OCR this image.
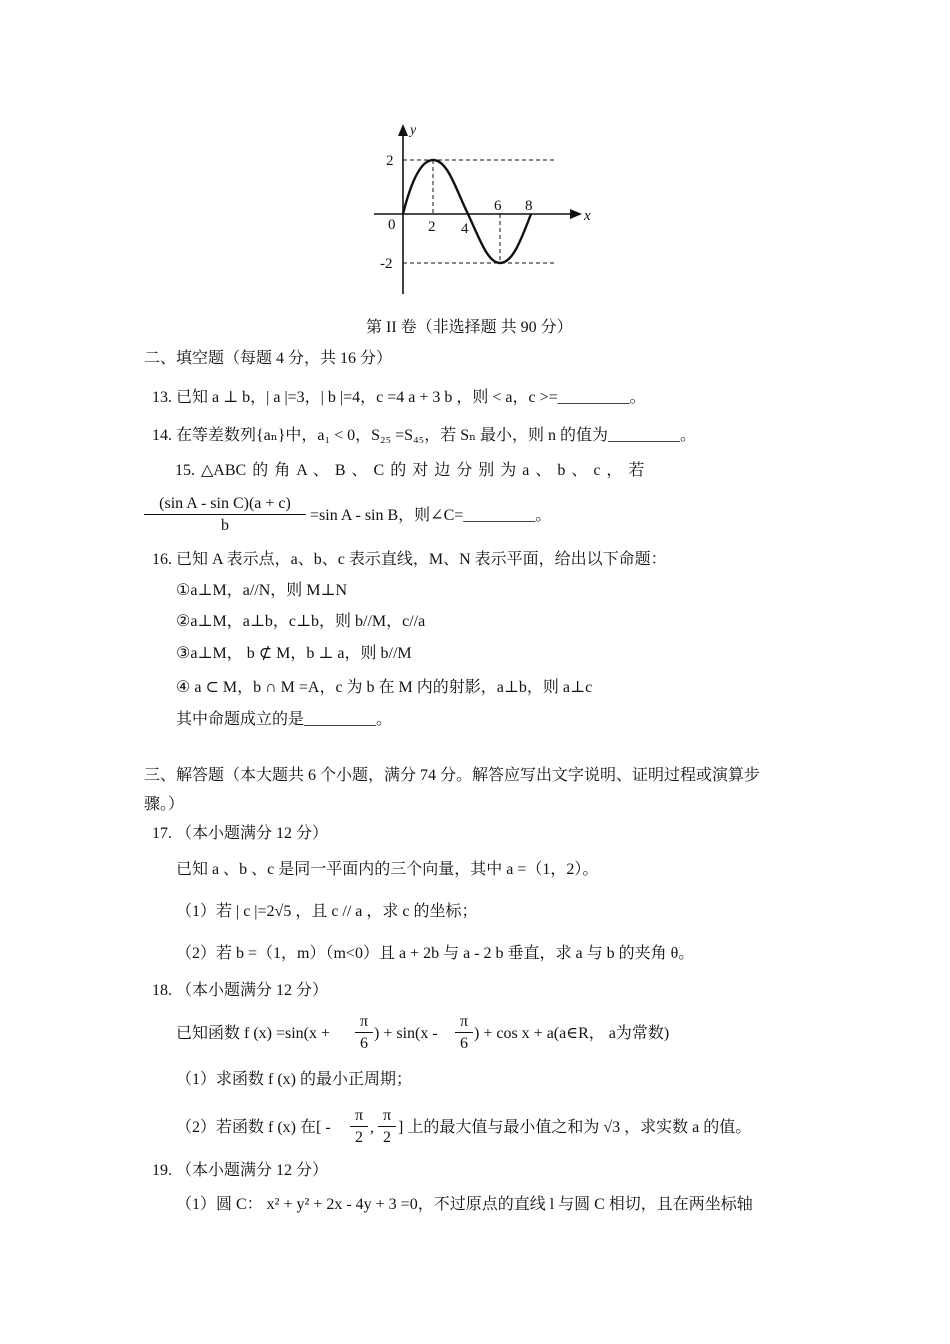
y
x
2
-2
0 2 4
6 8
第 II 卷（非选择题 共 90 分）
二、填空题（每题 4 分，共 16 分）
13. 已知 a ⊥ b，| a |=3，| b |=4，c =4 a + 3 b ，则 < a，c >=_________。
14. 在等差数列{aₙ}中，a₁ < 0，S₂₅ =S₄₅，若 Sₙ 最小，则 n 的值为_________。
15. △ABC 的 角 A 、 B 、 C 的 对 边 分 别 为 a 、 b 、 c ， 若
$\frac{\text{(sin A - sin C)(a + c)}}{b} =\sin$ A - sin B，则∠C=_________。
16. 已知 A 表示点，a、b、c 表示直线，M、N 表示平面，给出以下命题：
①a⊥M，a//N，则 M⊥N
②a⊥M，a⊥b，c⊥b，则 b//M，c//a
③a⊥M， b ⊄ M，b ⊥ a，则 b//M
④ a ⊂ M，b ∩ M =A，c 为 b 在 M 内的射影，a⊥b，则 a⊥c
其中命题成立的是_________。
三、解答题（本大题共 6 个小题，满分 74 分。解答应写出文字说明、证明过程或演算步
骤。）
17. （本小题满分 12 分）
已知 a 、b 、c 是同一平面内的三个向量，其中 a =（1，2）。
（1）若 | c |=2√5 ，且 c // a ，求 c 的坐标；
（2）若 b =（1，m）（m<0）且 a + 2b 与 a - 2 b 垂直，求 a 与 b 的夹角 θ。
18. （本小题满分 12 分）
已知函数 f $(x) =\sin(x + \frac{\pi}{6}$ ) + $\sin(x - \frac{\pi}{6}$ ) + cos x + a(a∈R， a为常数)
（1）求函数 f (x) 的最小正周期；
（2）若函数 f (x) 在[ - $\frac{\pi}{2}$ , $\frac{\pi}{2}$ ] 上的最大值与最小值之和为 √3 ，求实数 a 的值。
19. （本小题满分 12 分）
（1）圆 C： x² + y² + 2x - 4y + 3 =0，不过原点的直线 l 与圆 C 相切，且在两坐标轴
